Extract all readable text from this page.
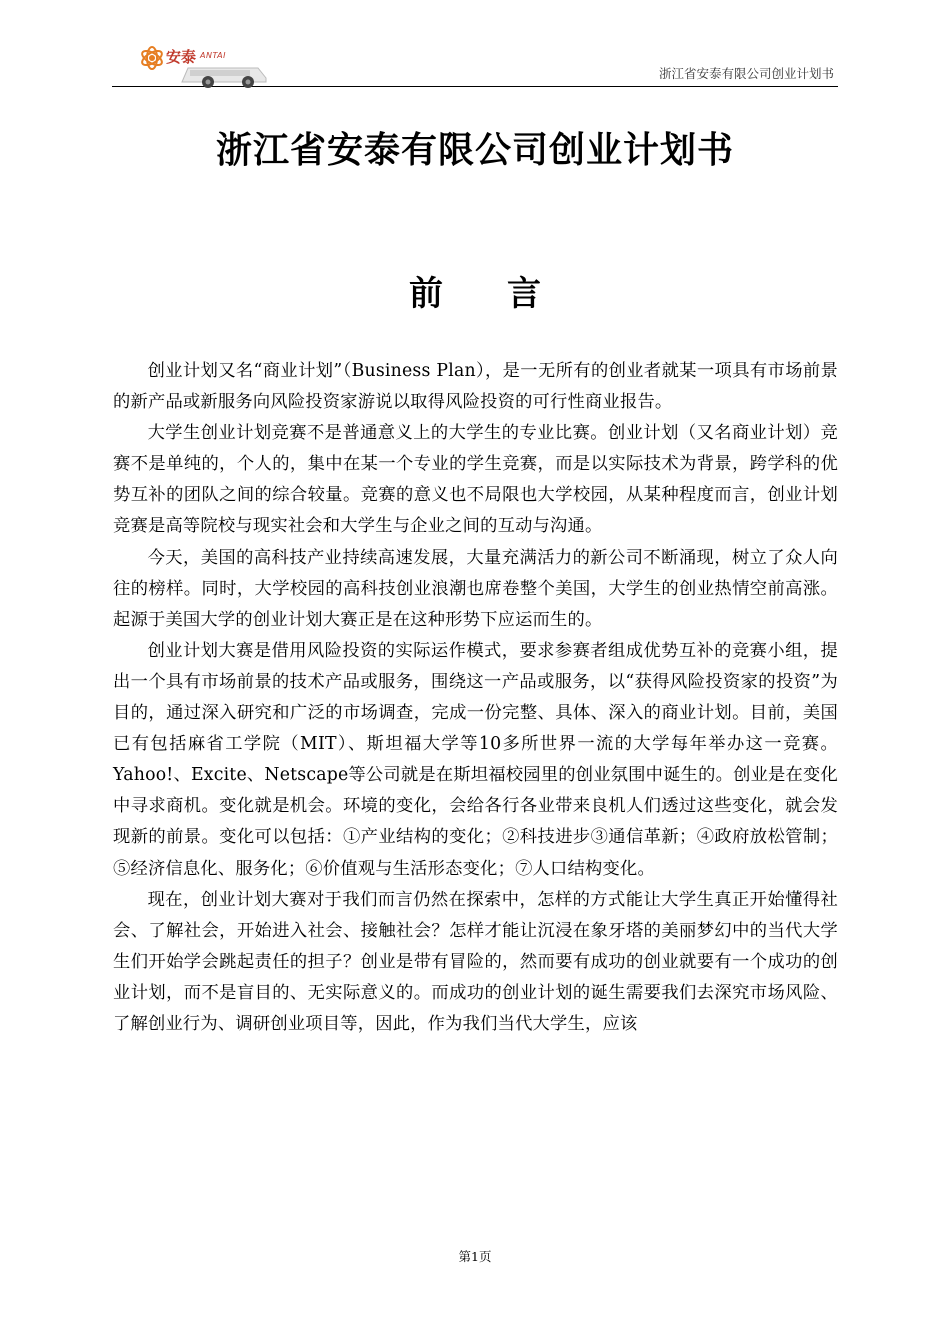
安泰 ANTAI
浙江省安泰有限公司创业计划书
浙江省安泰有限公司创业计划书
前言

创业计划又名“商业计划”（Business Plan），是一无所有的创业者就某一项具有市场前景的新产品或新服务向风险投资家游说以取得风险投资的可行性商业报告。

大学生创业计划竞赛不是普通意义上的大学生的专业比赛。创业计划（又名商业计划）竞赛不是单纯的，个人的，集中在某一个专业的学生竞赛，而是以实际技术为背景，跨学科的优势互补的团队之间的综合较量。竞赛的意义也不局限也大学校园，从某种程度而言，创业计划竞赛是高等院校与现实社会和大学生与企业之间的互动与沟通。

今天，美国的高科技产业持续高速发展，大量充满活力的新公司不断涌现，树立了众人向往的榜样。同时，大学校园的高科技创业浪潮也席卷整个美国，大学生的创业热情空前高涨。起源于美国大学的创业计划大赛正是在这种形势下应运而生的。

创业计划大赛是借用风险投资的实际运作模式，要求参赛者组成优势互补的竞赛小组，提出一个具有市场前景的技术产品或服务，围绕这一产品或服务，以“获得风险投资家的投资”为目的，通过深入研究和广泛的市场调查，完成一份完整、具体、深入的商业计划。目前，美国已有包括麻省工学院（MIT）、斯坦福大学等10多所世界一流的大学每年举办这一竞赛。Yahoo!、Excite、Netscape等公司就是在斯坦福校园里的创业氛围中诞生的。创业是在变化中寻求商机。变化就是机会。环境的变化，会给各行各业带来良机人们透过这些变化，就会发现新的前景。变化可以包括：①产业结构的变化；②科技进步③通信革新；④政府放松管制；⑤经济信息化、服务化；⑥价值观与生活形态变化；⑦人口结构变化。

现在，创业计划大赛对于我们而言仍然在探索中，怎样的方式能让大学生真正开始懂得社会、了解社会，开始进入社会、接触社会？怎样才能让沉浸在象牙塔的美丽梦幻中的当代大学生们开始学会跳起责任的担子？创业是带有冒险的，然而要有成功的创业就要有一个成功的创业计划，而不是盲目的、无实际意义的。而成功的创业计划的诞生需要我们去深究市场风险、了解创业行为、调研创业项目等，因此，作为我们当代大学生，应该

第1页
